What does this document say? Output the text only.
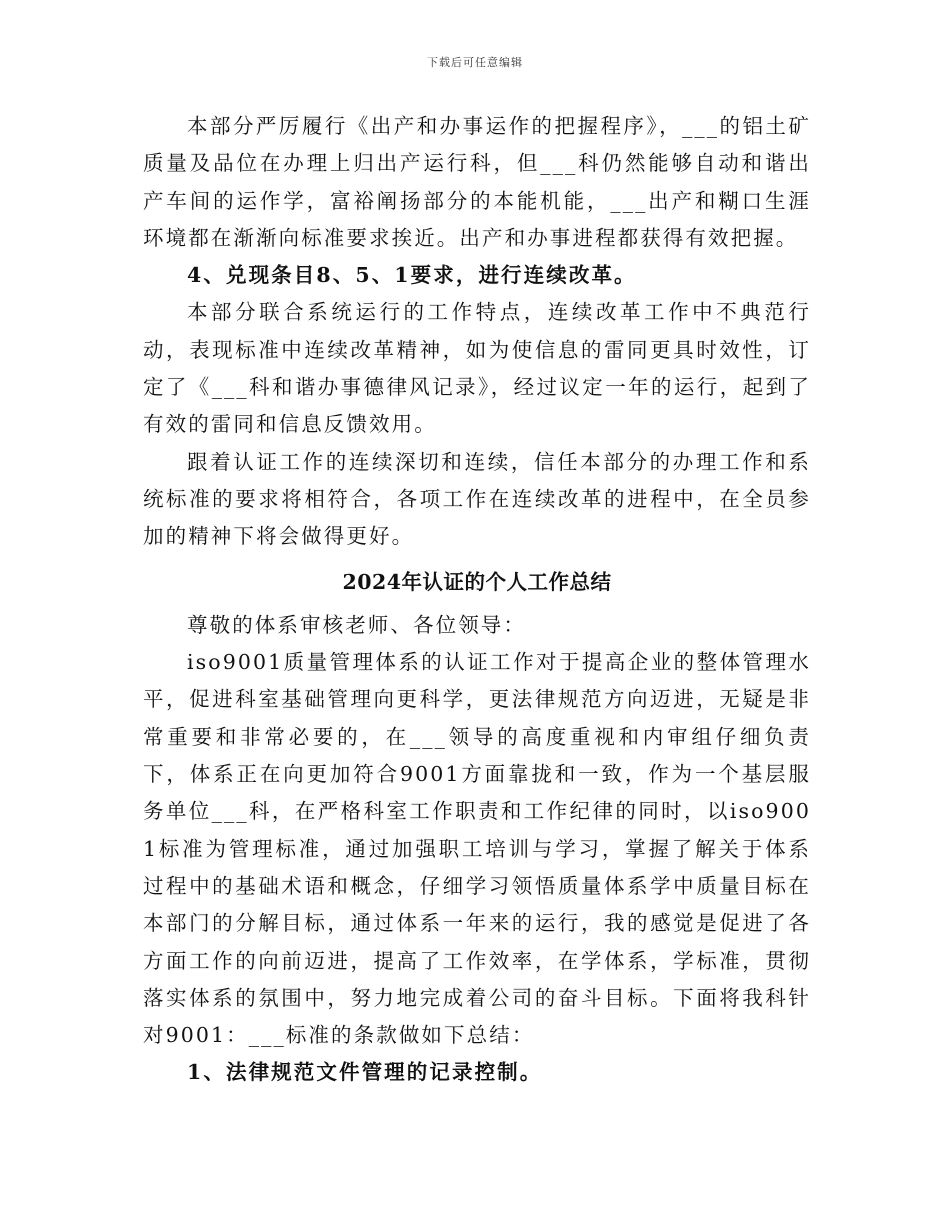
下载后可任意编辑

本部分严厉履行《出产和办事运作的把握程序》，___的铝土矿质量及品位在办理上归出产运行科，但___科仍然能够自动和谐出产车间的运作学，富裕阐扬部分的本能机能，___出产和糊口生涯环境都在渐渐向标准要求挨近。出产和办事进程都获得有效把握。

4、兑现条目8、5、1要求，进行连续改革。

本部分联合系统运行的工作特点，连续改革工作中不典范行动，表现标准中连续改革精神，如为使信息的雷同更具时效性，订定了《___科和谐办事德律风记录》，经过议定一年的运行，起到了有效的雷同和信息反馈效用。

跟着认证工作的连续深切和连续，信任本部分的办理工作和系统标准的要求将相符合，各项工作在连续改革的进程中，在全员参加的精神下将会做得更好。

2024年认证的个人工作总结

尊敬的体系审核老师、各位领导：

iso9001质量管理体系的认证工作对于提高企业的整体管理水平，促进科室基础管理向更科学，更法律规范方向迈进，无疑是非常重要和非常必要的，在___领导的高度重视和内审组仔细负责下，体系正在向更加符合9001方面靠拢和一致，作为一个基层服务单位___科，在严格科室工作职责和工作纪律的同时，以iso9001标准为管理标准，通过加强职工培训与学习，掌握了解关于体系过程中的基础术语和概念，仔细学习领悟质量体系学中质量目标在本部门的分解目标，通过体系一年来的运行，我的感觉是促进了各方面工作的向前迈进，提高了工作效率，在学体系，学标准，贯彻落实体系的氛围中，努力地完成着公司的奋斗目标。下面将我科针对9001：___标准的条款做如下总结：

1、法律规范文件管理的记录控制。
